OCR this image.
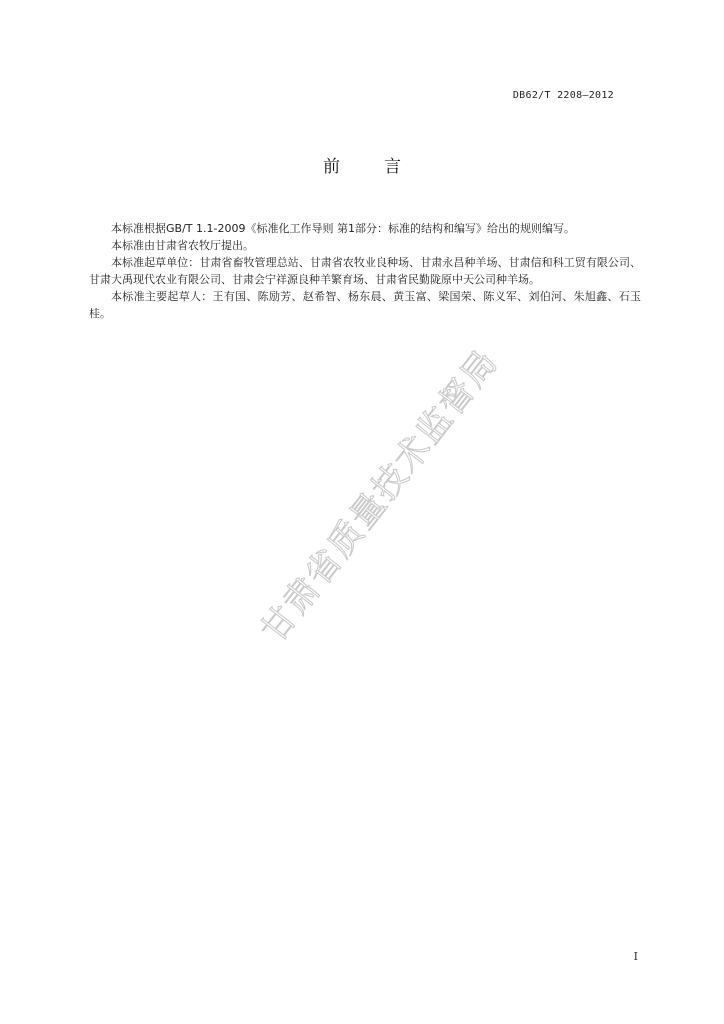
DB62/T 2208—2012
前言

本标准根据GB/T 1.1-2009《标准化工作导则 第1部分：标准的结构和编写》给出的规则编写。

本标准由甘肃省农牧厅提出。

本标准起草单位：甘肃省畜牧管理总站、甘肃省农牧业良种场、甘肃永昌种羊场、甘肃信和科工贸有限公司、甘肃大禹现代农业有限公司、甘肃会宁祥源良种羊繁育场、甘肃省民勤陇原中天公司种羊场。

本标准主要起草人：王有国、陈励芳、赵希智、杨东晨、黄玉富、梁国荣、陈义军、刘伯河、朱旭鑫、石玉桂。

甘肃省质量技术监督局
I
